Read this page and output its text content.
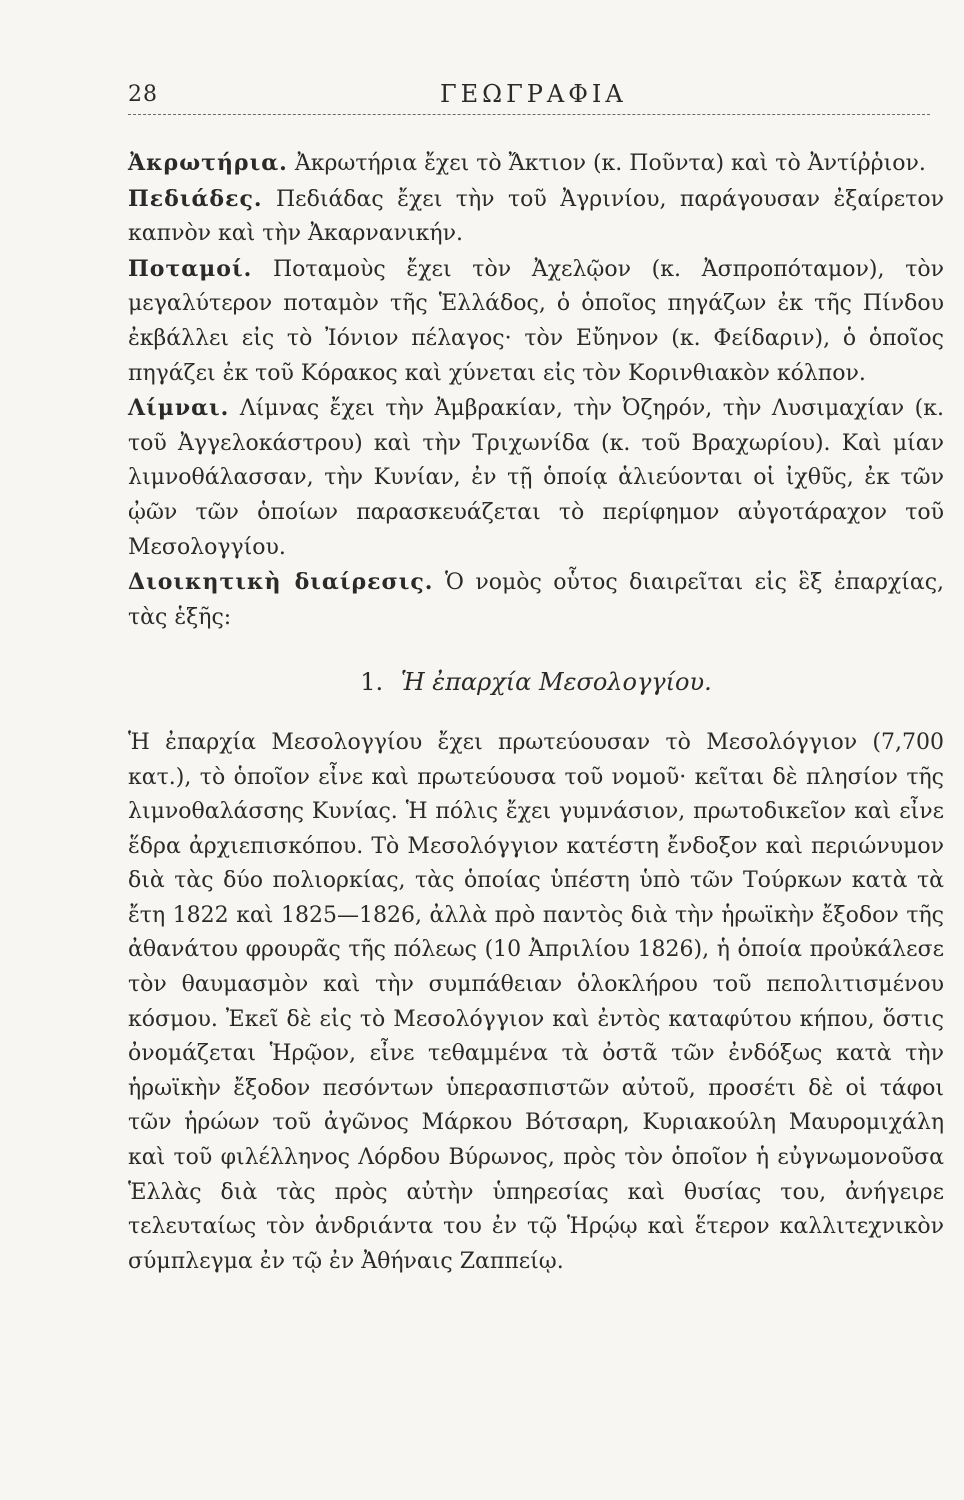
28	ΓΕΩΓΡΑΦΙΑ

Ἀκρωτήρια. Ἀκρωτήρια ἔχει τὸ Ἄκτιον (κ. Ποῦντα) καὶ τὸ Ἀντίῤῥιον.

Πεδιάδες. Πεδιάδας ἔχει τὴν τοῦ Ἀγρινίου, παράγουσαν ἐξαίρετον καπνὸν καὶ τὴν Ἀκαρνανικήν.

Ποταμοί. Ποταμοὺς ἔχει τὸν Ἀχελῷον (κ. Ἀσπροπόταμον), τὸν μεγαλύτερον ποταμὸν τῆς Ἑλλάδος, ὁ ὁποῖος πηγάζων ἐκ τῆς Πίνδου ἐκβάλλει εἰς τὸ Ἰόνιον πέλαγος· τὸν Εὔηνον (κ. Φείδαριν), ὁ ὁποῖος πηγάζει ἐκ τοῦ Κόρακος καὶ χύνεται εἰς τὸν Κορινθιακὸν κόλπον.

Λίμναι. Λίμνας ἔχει τὴν Ἀμβρακίαν, τὴν Ὀζηρόν, τὴν Λυσιμαχίαν (κ. τοῦ Ἀγγελοκάστρου) καὶ τὴν Τριχωνίδα (κ. τοῦ Βραχωρίου). Καὶ μίαν λιμνοθάλασσαν, τὴν Κυνίαν, ἐν τῇ ὁποίᾳ ἁλιεύονται οἱ ἰχθῦς, ἐκ τῶν ᾠῶν τῶν ὁποίων παρασκευάζεται τὸ περίφημον αὐγοτάραχον τοῦ Μεσολογγίου.

Διοικητικὴ διαίρεσις. Ὁ νομὸς οὗτος διαιρεῖται εἰς ἓξ ἐπαρχίας, τὰς ἑξῆς:

1. Ἡ ἐπαρχία Μεσολογγίου.

Ἡ ἐπαρχία Μεσολογγίου ἔχει πρωτεύουσαν τὸ Μεσολόγγιον (7,700 κατ.), τὸ ὁποῖον εἶνε καὶ πρωτεύουσα τοῦ νομοῦ· κεῖται δὲ πλησίον τῆς λιμνοθαλάσσης Κυνίας. Ἡ πόλις ἔχει γυμνάσιον, πρωτοδικεῖον καὶ εἶνε ἕδρα ἀρχιεπισκόπου. Τὸ Μεσολόγγιον κατέστη ἔνδοξον καὶ περιώνυμον διὰ τὰς δύο πολιορκίας, τὰς ὁποίας ὑπέστη ὑπὸ τῶν Τούρκων κατὰ τὰ ἔτη 1822 καὶ 1825—1826, ἀλλὰ πρὸ παντὸς διὰ τὴν ἡρωϊκὴν ἔξοδον τῆς ἀθανάτου φρουρᾶς τῆς πόλεως (10 Ἀπριλίου 1826), ἡ ὁποία προὐκάλεσε τὸν θαυμασμὸν καὶ τὴν συμπάθειαν ὁλοκλήρου τοῦ πεπολιτισμένου κόσμου. Ἐκεῖ δὲ εἰς τὸ Μεσολόγγιον καὶ ἐντὸς καταφύτου κήπου, ὅστις ὀνομάζεται Ἡρῷον, εἶνε τεθαμμένα τὰ ὀστᾶ τῶν ἐνδόξως κατὰ τὴν ἡρωϊκὴν ἔξοδον πεσόντων ὑπερασπιστῶν αὐτοῦ, προσέτι δὲ οἱ τάφοι τῶν ἡρώων τοῦ ἀγῶνος Μάρκου Βότσαρη, Κυριακούλη Μαυρομιχάλη καὶ τοῦ φιλέλληνος Λόρδου Βύρωνος, πρὸς τὸν ὁποῖον ἡ εὐγνωμονοῦσα Ἑλλὰς διὰ τὰς πρὸς αὐτὴν ὑπηρεσίας καὶ θυσίας του, ἀνήγειρε τελευταίως τὸν ἀνδριάντα του ἐν τῷ Ἡρῴῳ καὶ ἕτερον καλλιτεχνικὸν σύμπλεγμα ἐν τῷ ἐν Ἀθήναις Ζαππείῳ.
